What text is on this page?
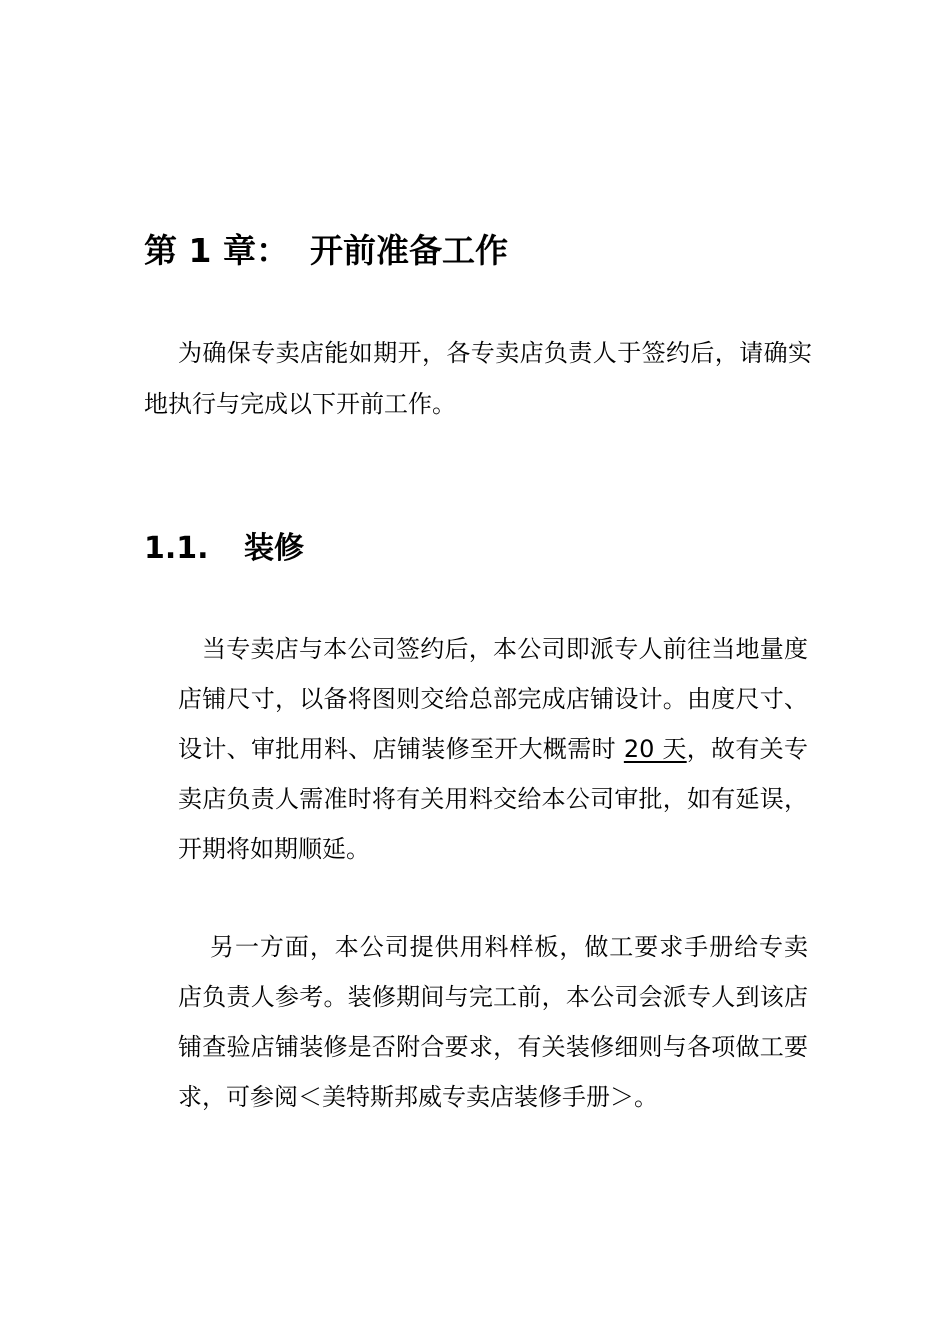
第 1 章： 开前准备工作

为确保专卖店能如期开，各专卖店负责人于签约后，请确实地执行与完成以下开前工作。

1.1. 装修

当专卖店与本公司签约后，本公司即派专人前往当地量度店铺尺寸，以备将图则交给总部完成店铺设计。由度尺寸、设计、审批用料、店铺装修至开大概需时 20 天，故有关专卖店负责人需准时将有关用料交给本公司审批，如有延误，开期将如期顺延。

另一方面，本公司提供用料样板，做工要求手册给专卖店负责人参考。装修期间与完工前，本公司会派专人到该店铺查验店铺装修是否附合要求，有关装修细则与各项做工要求，可参阅＜美特斯邦威专卖店装修手册＞。
